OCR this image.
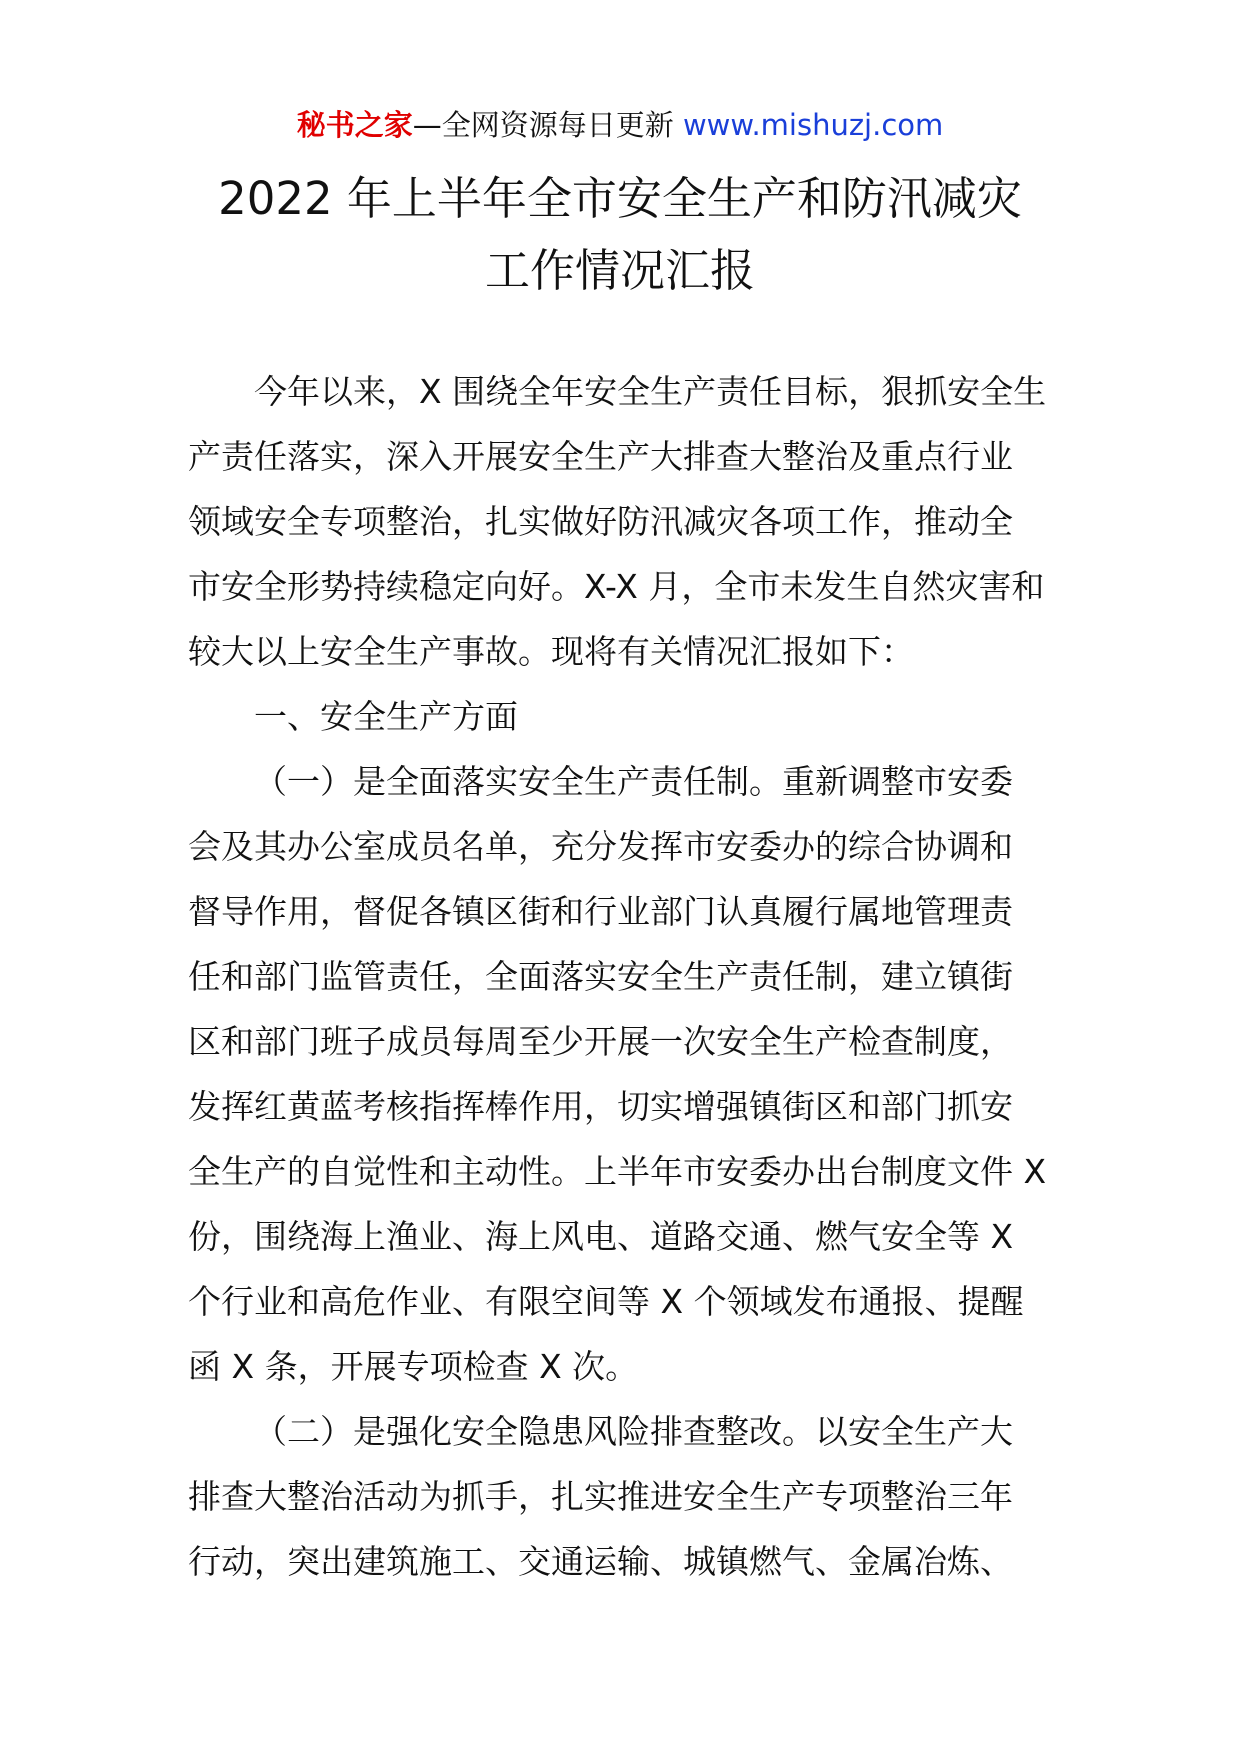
秘书之家—全网资源每日更新 www.mishuzj.com
2022 年上半年全市安全生产和防汛减灾
工作情况汇报
今年以来，X 围绕全年安全生产责任目标，狠抓安全生
产责任落实，深入开展安全生产大排查大整治及重点行业
领域安全专项整治，扎实做好防汛减灾各项工作，推动全
市安全形势持续稳定向好。X-X 月，全市未发生自然灾害和
较大以上安全生产事故。现将有关情况汇报如下：
一、安全生产方面
（一）是全面落实安全生产责任制。重新调整市安委
会及其办公室成员名单，充分发挥市安委办的综合协调和
督导作用，督促各镇区街和行业部门认真履行属地管理责
任和部门监管责任，全面落实安全生产责任制，建立镇街
区和部门班子成员每周至少开展一次安全生产检查制度，
发挥红黄蓝考核指挥棒作用，切实增强镇街区和部门抓安
全生产的自觉性和主动性。上半年市安委办出台制度文件 X
份，围绕海上渔业、海上风电、道路交通、燃气安全等 X
个行业和高危作业、有限空间等 X 个领域发布通报、提醒
函 X 条，开展专项检查 X 次。
（二）是强化安全隐患风险排查整改。以安全生产大
排查大整治活动为抓手，扎实推进安全生产专项整治三年
行动，突出建筑施工、交通运输、城镇燃气、金属冶炼、
